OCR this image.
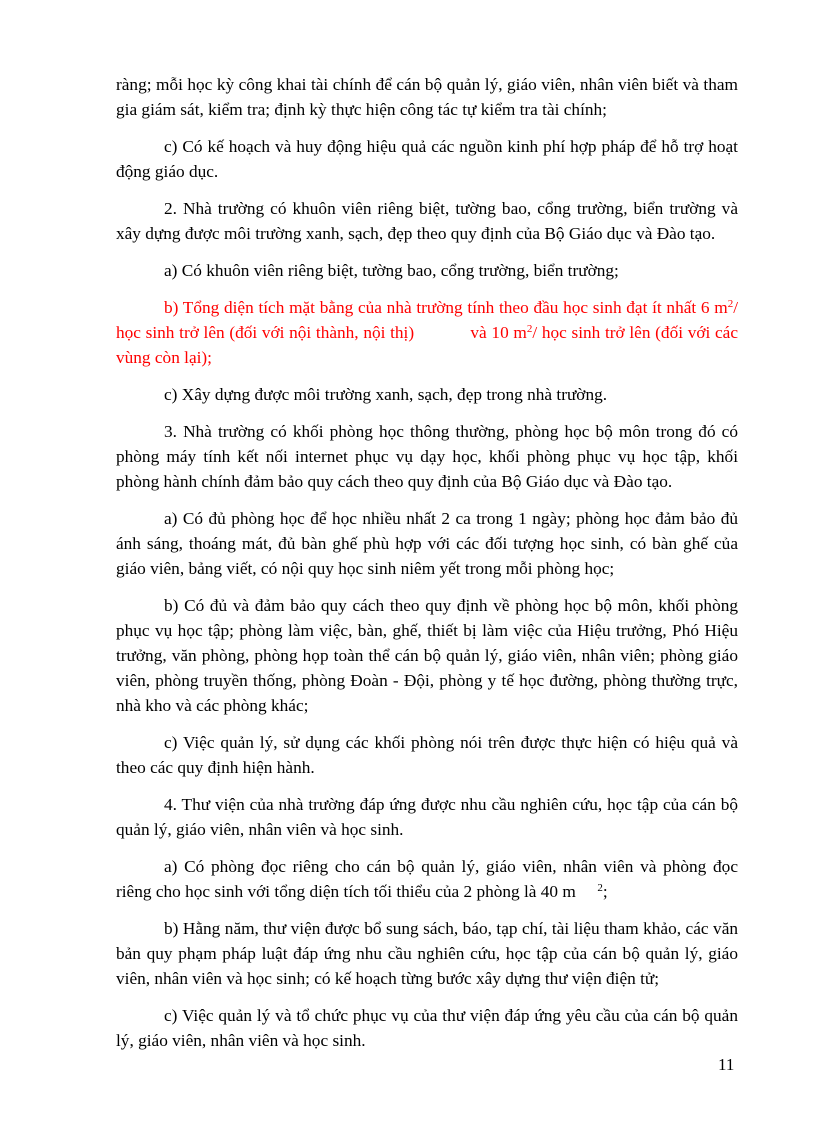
ràng; mỗi học kỳ công khai tài chính để cán bộ quản lý, giáo viên, nhân viên biết và tham gia giám sát, kiểm tra; định kỳ thực hiện công tác tự kiểm tra tài chính;

c) Có kế hoạch và huy động hiệu quả các nguồn kinh phí hợp pháp để hỗ trợ hoạt động giáo dục.

2. Nhà trường có khuôn viên riêng biệt, tường bao, cổng trường, biển trường và xây dựng được môi trường xanh, sạch, đẹp theo quy định của Bộ Giáo dục và Đào tạo.

a) Có khuôn viên riêng biệt, tường bao, cổng trường, biển trường;

b) Tổng diện tích mặt bằng của nhà trường tính theo đầu học sinh đạt ít nhất 6 $m^2/$ học sinh trở lên (đối với nội thành, nội thị)            và 10 $m^2/$ học sinh trở lên (đối với các vùng còn lại);

c) Xây dựng được môi trường xanh, sạch, đẹp trong nhà trường.

3. Nhà trường có khối phòng học thông thường, phòng học bộ môn trong đó có phòng máy tính kết nối internet phục vụ dạy học, khối phòng phục vụ học tập, khối phòng hành chính đảm bảo quy cách theo quy định của Bộ Giáo dục và Đào tạo.

a) Có đủ phòng học để học nhiều nhất 2 ca trong 1 ngày; phòng học đảm bảo đủ ánh sáng, thoáng mát, đủ bàn ghế phù hợp với các đối tượng học sinh, có bàn ghế của giáo viên, bảng viết, có nội quy học sinh niêm yết trong mỗi phòng học;

b) Có đủ và đảm bảo quy cách theo quy định về phòng học bộ môn, khối phòng phục vụ học tập; phòng làm việc, bàn, ghế, thiết bị làm việc của Hiệu trưởng, Phó Hiệu trưởng, văn phòng, phòng họp toàn thể cán bộ quản lý, giáo viên, nhân viên; phòng giáo viên, phòng truyền thống, phòng Đoàn - Đội, phòng y tế học đường, phòng thường trực, nhà kho và các phòng khác;

c) Việc quản lý, sử dụng các khối phòng nói trên được thực hiện có hiệu quả và theo các quy định hiện hành.

4. Thư viện của nhà trường đáp ứng được nhu cầu nghiên cứu, học tập của cán bộ quản lý, giáo viên, nhân viên và học sinh.

a) Có phòng đọc riêng cho cán bộ quản lý, giáo viên, nhân viên và phòng đọc riêng cho học sinh với tổng diện tích tối thiểu của 2 phòng là 40 m     $^2$;

b) Hằng năm, thư viện được bổ sung sách, báo, tạp chí, tài liệu tham khảo, các văn bản quy phạm pháp luật đáp ứng nhu cầu nghiên cứu, học tập của cán bộ quản lý, giáo viên, nhân viên và học sinh; có kế hoạch từng bước xây dựng thư viện điện tử;

c) Việc quản lý và tổ chức phục vụ của thư viện đáp ứng yêu cầu của cán bộ quản lý, giáo viên, nhân viên và học sinh.

11
